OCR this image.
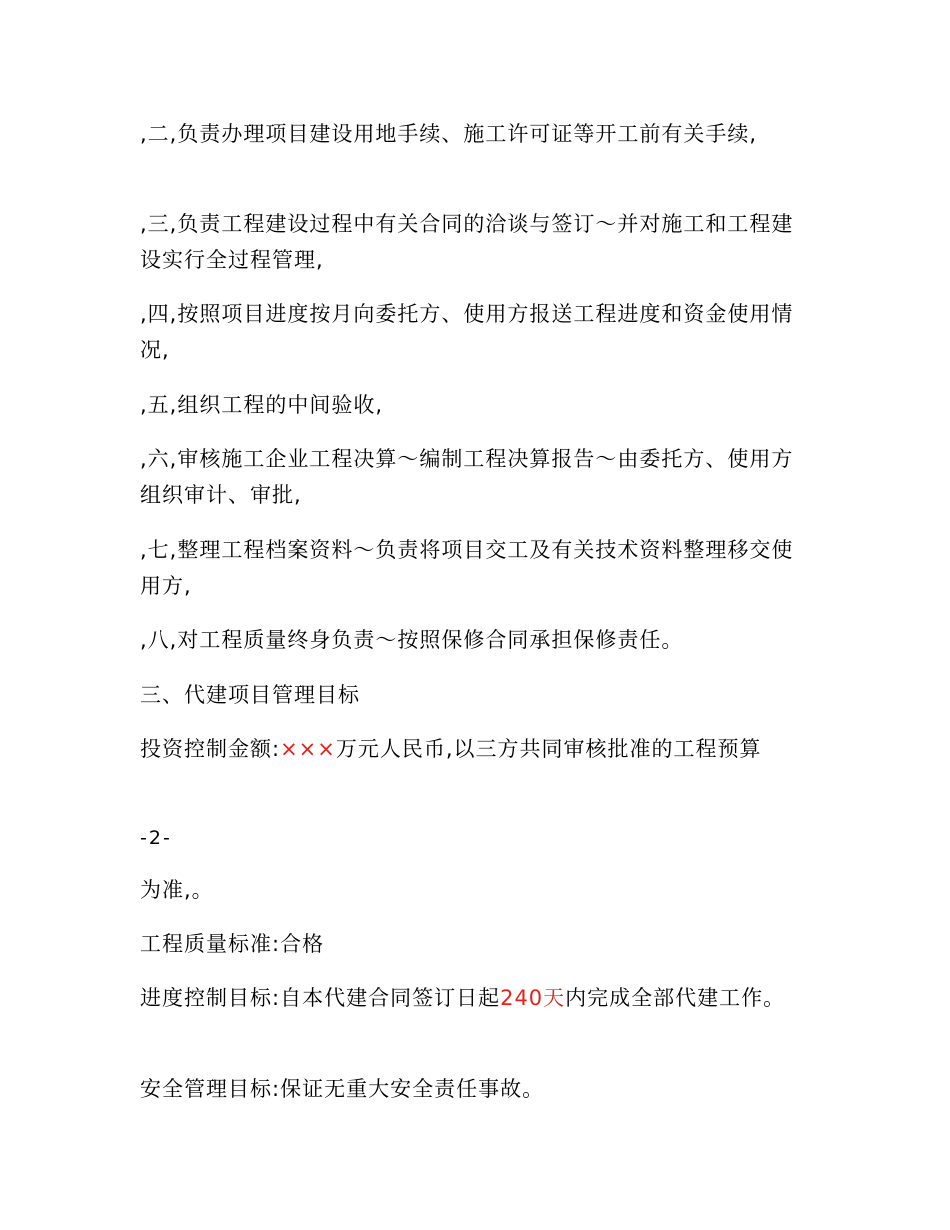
,二,负责办理项目建设用地手续、施工许可证等开工前有关手续,

,三,负责工程建设过程中有关合同的洽谈与签订～并对施工和工程建设实行全过程管理,

,四,按照项目进度按月向委托方、使用方报送工程进度和资金使用情况,

,五,组织工程的中间验收,

,六,审核施工企业工程决算～编制工程决算报告～由委托方、使用方组织审计、审批,

,七,整理工程档案资料～负责将项目交工及有关技术资料整理移交使用方,

,八,对工程质量终身负责～按照保修合同承担保修责任。

三、代建项目管理目标

投资控制金额:×××万元人民币,以三方共同审核批准的工程预算

-2-

为准,。

工程质量标准:合格

进度控制目标:自本代建合同签订日起240天内完成全部代建工作。

安全管理目标:保证无重大安全责任事故。
